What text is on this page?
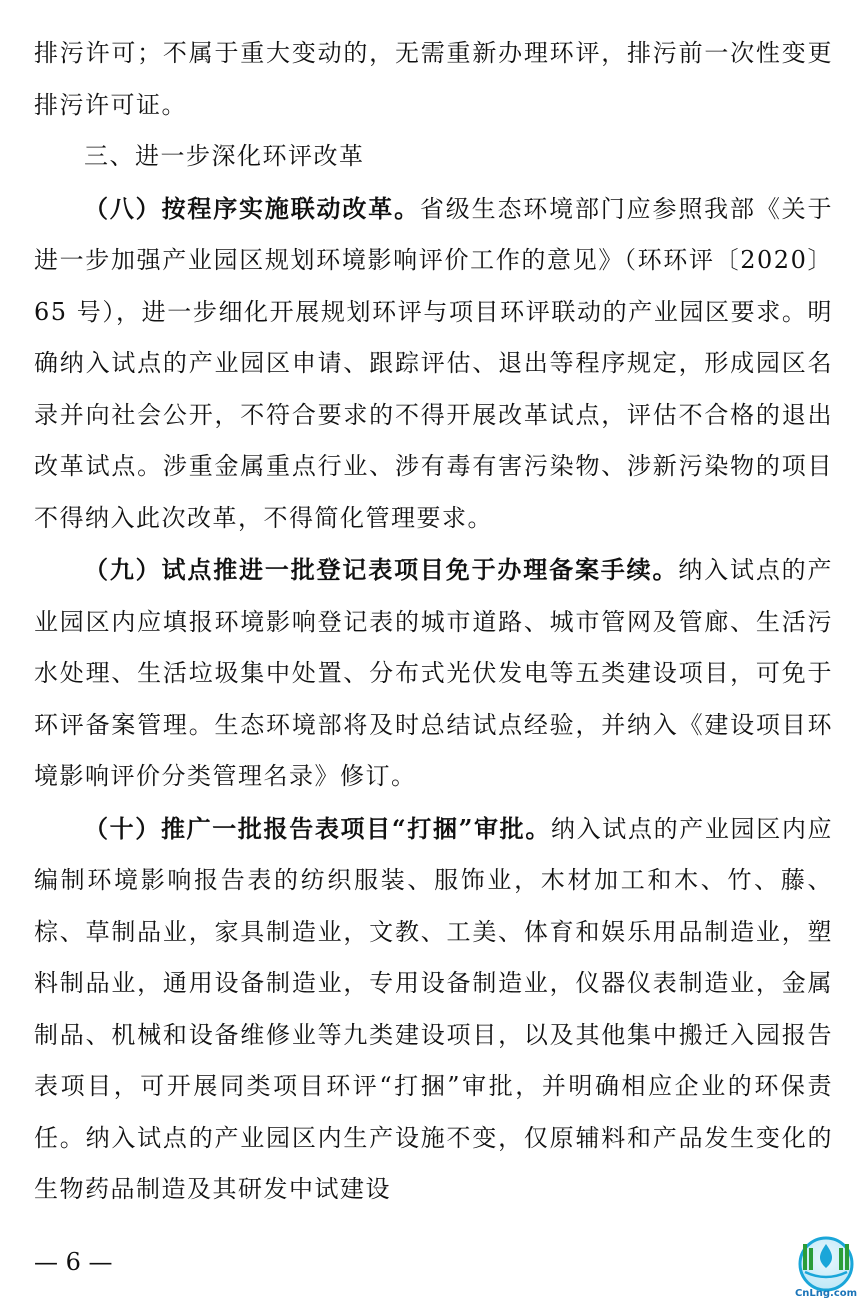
排污许可；不属于重大变动的，无需重新办理环评，排污前一次性变更排污许可证。

三、进一步深化环评改革

（八）按程序实施联动改革。省级生态环境部门应参照我部《关于进一步加强产业园区规划环境影响评价工作的意见》（环环评〔2020〕65 号），进一步细化开展规划环评与项目环评联动的产业园区要求。明确纳入试点的产业园区申请、跟踪评估、退出等程序规定，形成园区名录并向社会公开，不符合要求的不得开展改革试点，评估不合格的退出改革试点。涉重金属重点行业、涉有毒有害污染物、涉新污染物的项目不得纳入此次改革，不得简化管理要求。

（九）试点推进一批登记表项目免于办理备案手续。纳入试点的产业园区内应填报环境影响登记表的城市道路、城市管网及管廊、生活污水处理、生活垃圾集中处置、分布式光伏发电等五类建设项目，可免于环评备案管理。生态环境部将及时总结试点经验，并纳入《建设项目环境影响评价分类管理名录》修订。

（十）推广一批报告表项目“打捆”审批。纳入试点的产业园区内应编制环境影响报告表的纺织服装、服饰业，木材加工和木、竹、藤、棕、草制品业，家具制造业，文教、工美、体育和娱乐用品制造业，塑料制品业，通用设备制造业，专用设备制造业，仪器仪表制造业，金属制品、机械和设备维修业等九类建设项目，以及其他集中搬迁入园报告表项目，可开展同类项目环评“打捆”审批，并明确相应企业的环保责任。纳入试点的产业园区内生产设施不变，仅原辅料和产品发生变化的生物药品制造及其研发中试建设

— 6 —
CnLng.com
